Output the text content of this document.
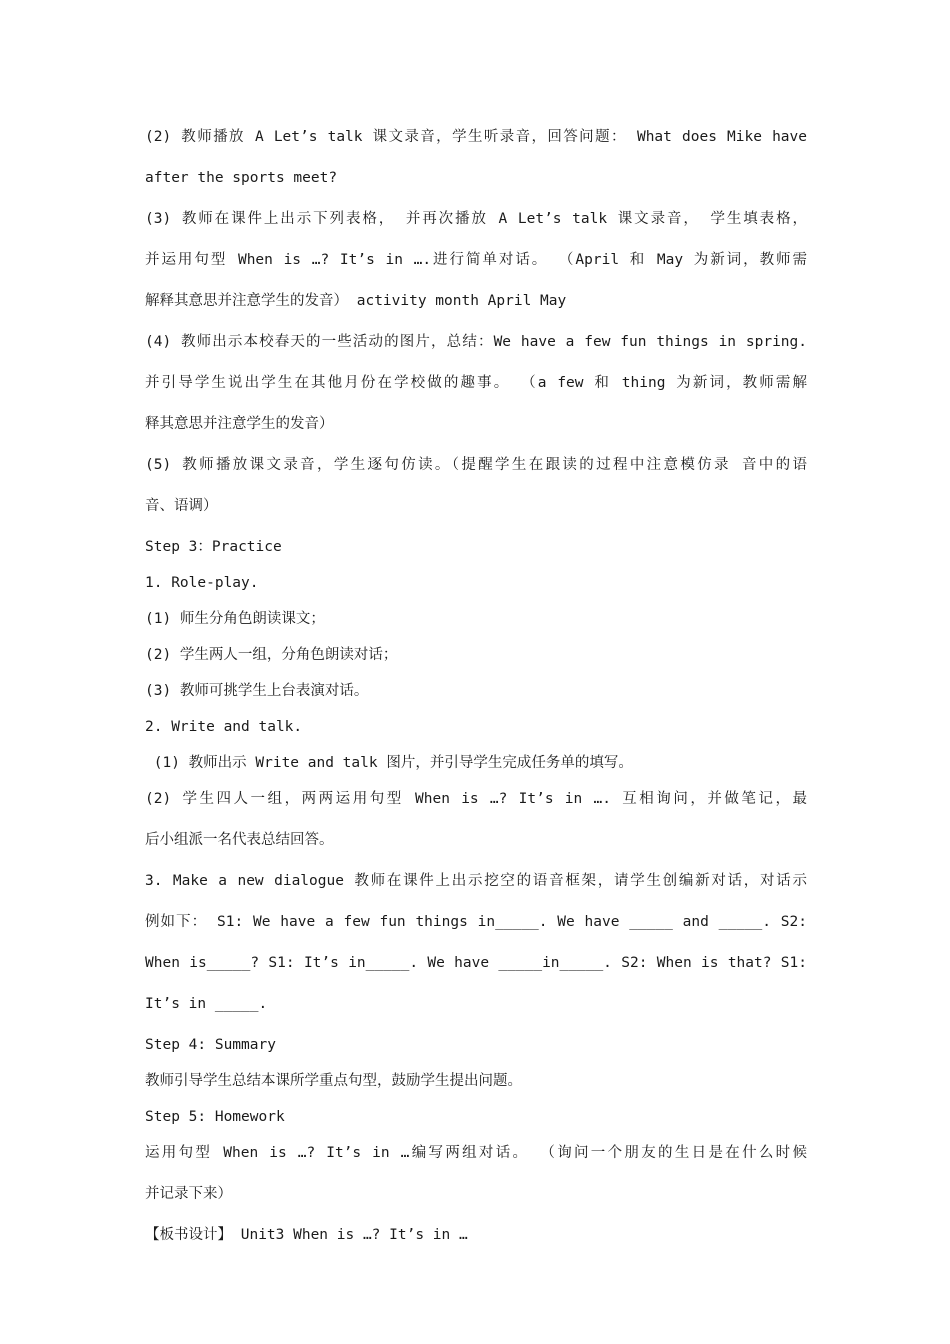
(2) 教师播放 A Let’s talk 课文录音，学生听录音，回答问题： What does Mike have
after the sports meet?
(3) 教师在课件上出示下列表格， 并再次播放 A Let’s talk 课文录音， 学生填表格，
并运用句型 When is …? It’s in ….进行简单对话。 （April 和 May 为新词，教师需
解释其意思并注意学生的发音） activity month April May
(4) 教师出示本校春天的一些活动的图片，总结：We have a few fun things in spring.
并引导学生说出学生在其他月份在学校做的趣事。 （a few 和 thing 为新词，教师需解
释其意思并注意学生的发音）
(5) 教师播放课文录音，学生逐句仿读。（提醒学生在跟读的过程中注意模仿录 音中的语
音、语调）
Step 3：Practice
1. Role-play.
(1) 师生分角色朗读课文；
(2) 学生两人一组，分角色朗读对话；
(3) 教师可挑学生上台表演对话。
2. Write and talk.
(1) 教师出示 Write and talk 图片，并引导学生完成任务单的填写。
(2) 学生四人一组，两两运用句型 When is …? It’s in …. 互相询问，并做笔记，最
后小组派一名代表总结回答。
3. Make a new dialogue 教师在课件上出示挖空的语音框架，请学生创编新对话，对话示
例如下： S1: We have a few fun things in_____. We have _____ and _____. S2:
When is_____? S1: It’s in_____. We have _____in_____. S2: When is that? S1:
It’s in _____.
Step 4: Summary
教师引导学生总结本课所学重点句型，鼓励学生提出问题。
Step 5: Homework
运用句型 When is …? It’s in …编写两组对话。 （询问一个朋友的生日是在什么时候
并记录下来）
【板书设计】 Unit3 When is …? It’s in …
